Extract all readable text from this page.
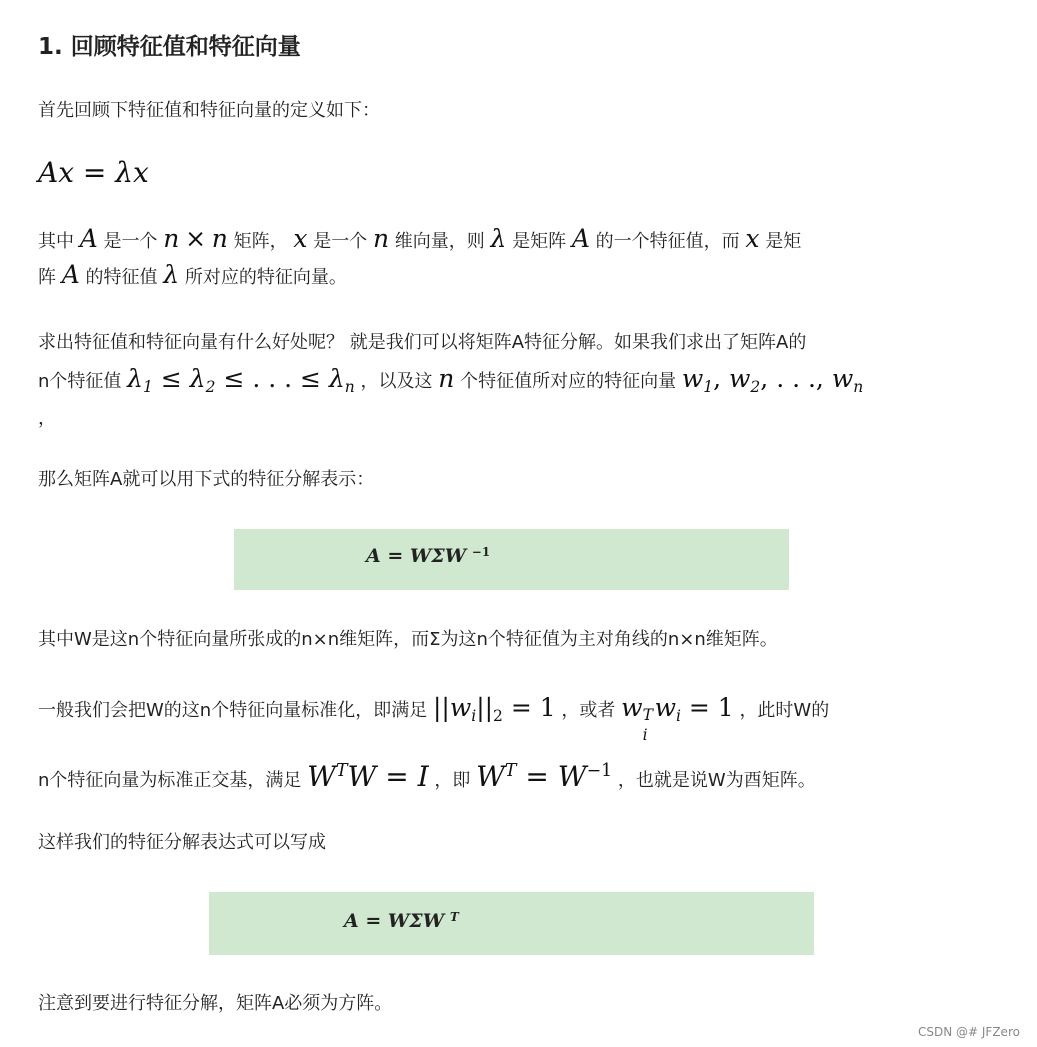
1. 回顾特征值和特征向量
首先回顾下特征值和特征向量的定义如下：
Ax = λx
其中 A 是一个 n × n 矩阵， x 是一个 n 维向量，则 λ 是矩阵 A 的一个特征值，而 x 是矩
阵 A 的特征值 λ 所对应的特征向量。
求出特征值和特征向量有什么好处呢？ 就是我们可以将矩阵A特征分解。如果我们求出了矩阵A的
n个特征值 $\lambda_1 \le \lambda_2$ ≤ . . . ≤ $\lambda_n$ ，以及这 n 个特征值所对应的特征向量 $w_1$, $w_2$, . . ., $w_n$
，
那么矩阵A就可以用下式的特征分解表示：
A = WΣW $^{-1}$
其中W是这n个特征向量所张成的n×n维矩阵，而Σ为这n个特征值为主对角线的n×n维矩阵。
一般我们会把W的这n个特征向量标准化，即满足 $||w_i||_2 = 1$ ，或者 w T
i
$w_i = 1$ ，此时W的
n个特征向量为标准正交基，满足 $W^TW = I$ ，即 $W^T = W^{-1}$ ，也就是说W为酉矩阵。
这样我们的特征分解表达式可以写成
A = WΣW $^T$
注意到要进行特征分解，矩阵A必须为方阵。
CSDN @# JFZero
